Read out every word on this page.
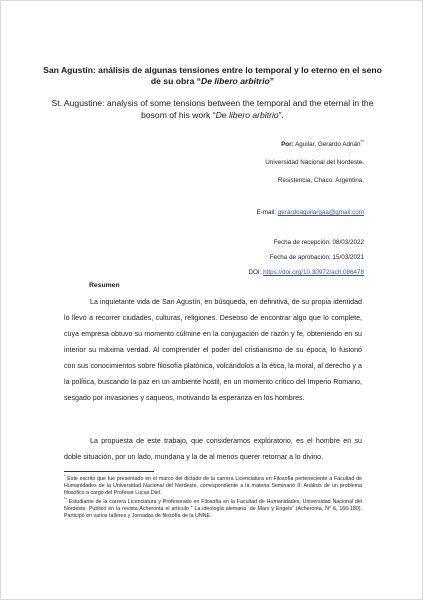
San Agustín: análisis de algunas tensiones entre lo temporal y lo eterno en el seno de su obra “De libero arbitrio”
St. Augustine: analysis of some tensions between the temporal and the eternal in the bosom of his work “De libero arbitrio”.
Por: Aguilar, Gerardo Adrián**
Universidad Nacional del Nordeste.
Resistencia, Chaco. Argentina.
E-mail: gerardoaguilargaa@gmail.com
Fecha de recepción: 08/03/2022
Fecha de aprobación: 15/03/2021
DOI: https://doi.org/10.30972/ach.086478
Resumen

La inquietante vida de San Agustín, en búsqueda, en definitiva, de su propia identidad lo llevó a recorrer ciudades, culturas, religiones. Deseoso de encontrar algo que lo complete, cuya empresa obtuvo su momento cúlmine en la conjugación de razón y fe, obteniendo en su interior su máxima verdad. Al comprender el poder del cristianismo de su época, lo fusionó con sus conocimientos sobre filosofía platónica, volcándolos a la ética, la moral, al derecho y a la política, buscando la paz en un ambiente hostil, en un momento crítico del Imperio Romano, sesgado por invasiones y saqueos, motivando la esperanza en los hombres.

La propuesta de este trabajo, que consideramos exploratorio, es el hombre en su doble situación, por un lado, mundana y la de al menos querer retornar a lo divino,

* Este escrito que fue presentado en el marco del dictado de la carrera Licenciatura en Filosofía perteneciente a Facultad de Humanidades de la Universidad Nacional del Nordeste, correspondiente a la materia Seminario II: Análisis de un problema filosófico a cargo del Profesor Lucas Diel.
** Estudiante de la carrera Licenciatura y Profesorado en Filosofía en la Facultad de Humanidades, Universidad Nacional del Nordeste. Publicó en la revista Acheronta el artículo “ La ideología alemana´ de Marx y Engels” (Acheronta, N° 6, 166-180). Participó en varios talleres y Jornadas de filosofía de la UNNE.
